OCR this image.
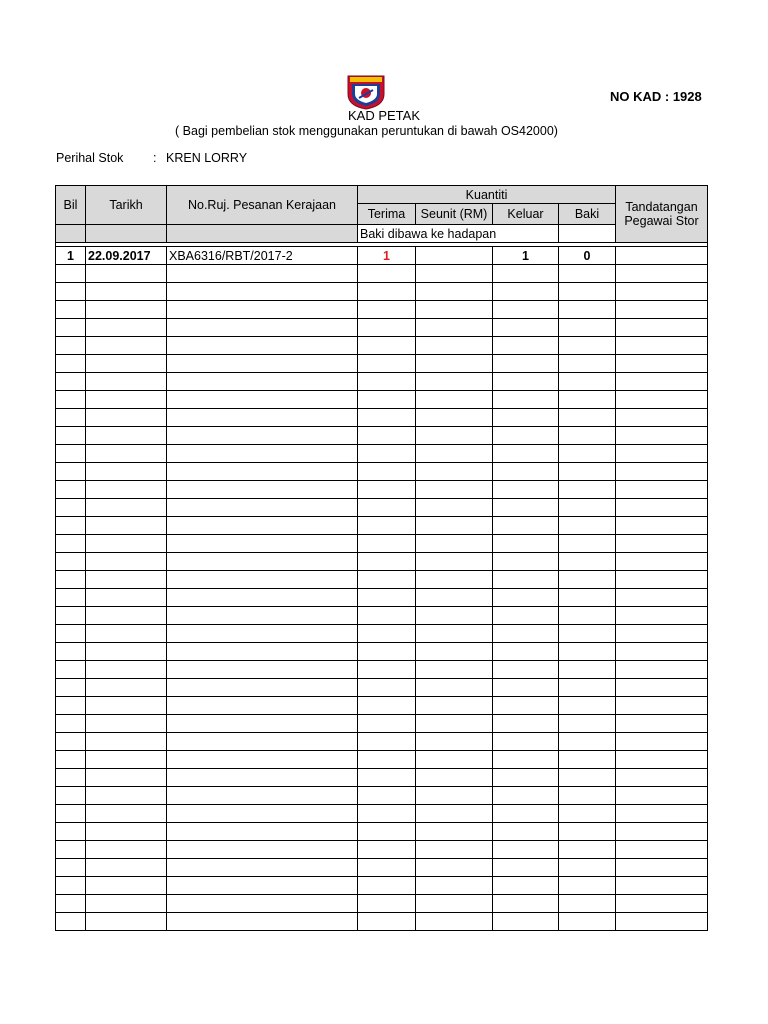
NO KAD : 1928
KAD PETAK
( Bagi pembelian stok menggunakan peruntukan di bawah OS42000)
Perihal Stok : KREN LORRY
Bil	Tarikh	No.Ruj. Pesanan Kerajaan	Kuantiti				Tandatangan Pegawai Stor
			Terima	Seunit (RM)	Keluar	Baki	
			Baki dibawa ke hadapan				

1	22.09.2017	XBA6316/RBT/2017-2	1		1	0	
